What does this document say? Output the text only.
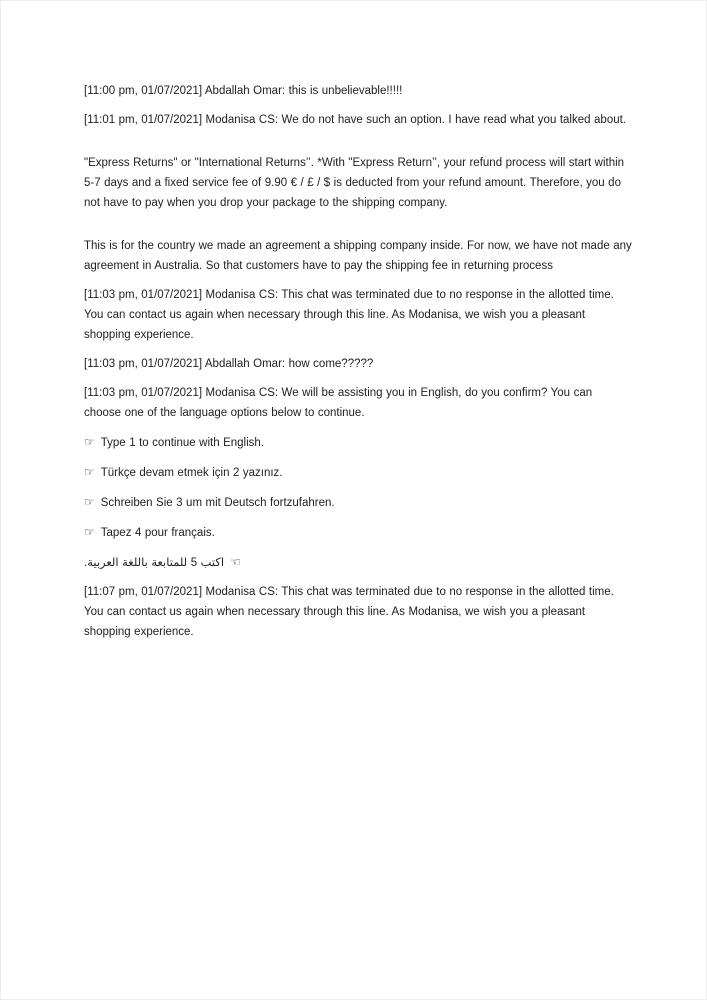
[11:00 pm, 01/07/2021] Abdallah Omar: this is unbelievable!!!!!

[11:01 pm, 01/07/2021] Modanisa CS: We do not have such an option. I have read what you talked about.

"Express Returns" or "International Returns’’. *With "Express Return’’, your refund process will start within 5-7 days and a fixed service fee of 9.90 € / £ / $ is deducted from your refund amount. Therefore, you do not have to pay when you drop your package to the shipping company.

This is for the country we made an agreement a shipping company inside. For now, we have not made any agreement in Australia. So that customers have to pay the shipping fee in returning process

[11:03 pm, 01/07/2021] Modanisa CS: This chat was terminated due to no response in the allotted time. You can contact us again when necessary through this line. As Modanisa, we wish you a pleasant shopping experience.

[11:03 pm, 01/07/2021] Abdallah Omar: how come?????

[11:03 pm, 01/07/2021] Modanisa CS: We will be assisting you in English, do you confirm? You can choose one of the language options below to continue.

☞ Type 1 to continue with English.

☞ Türkçe devam etmek için 2 yazınız.

☞ Schreiben Sie 3 um mit Deutsch fortzufahren.

☞ Tapez 4 pour français.

☜اكتب 5 للمتابعة باللغة العربية.

[11:07 pm, 01/07/2021] Modanisa CS: This chat was terminated due to no response in the allotted time. You can contact us again when necessary through this line. As Modanisa, we wish you a pleasant shopping experience.
